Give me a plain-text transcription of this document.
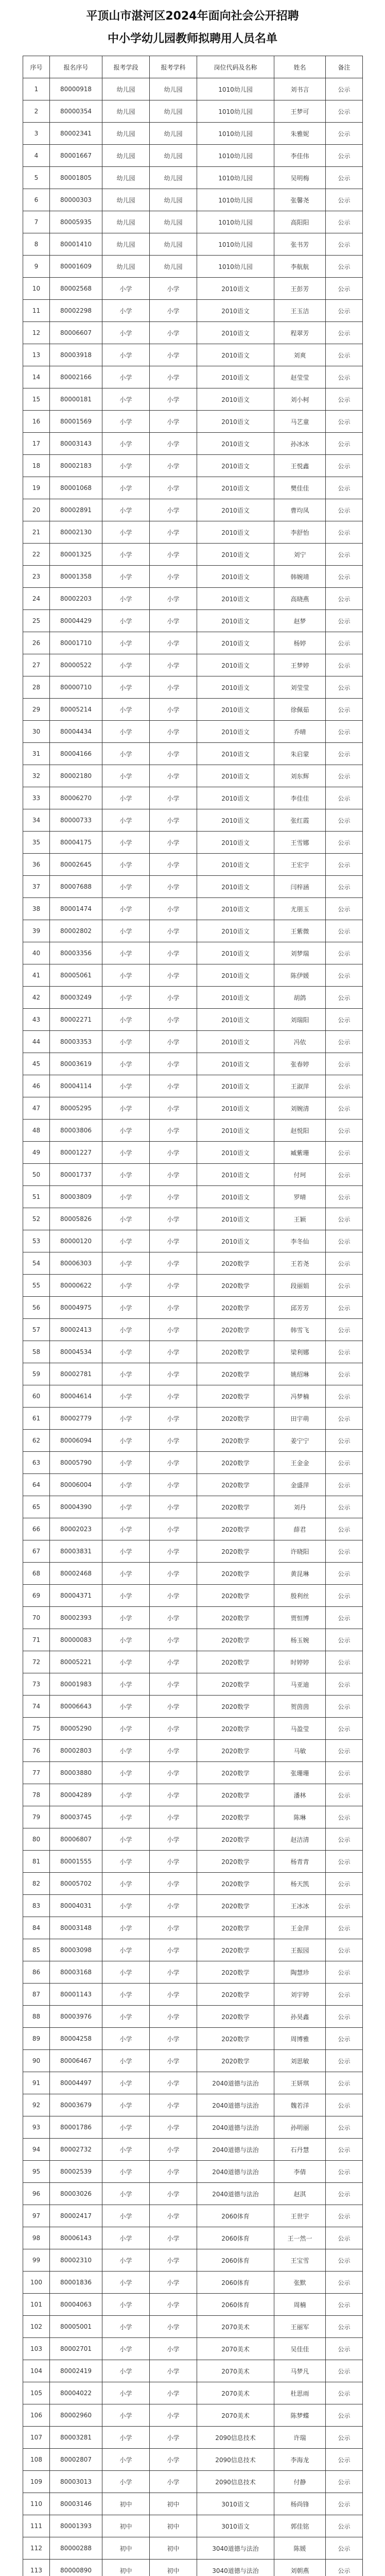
平顶山市湛河区2024年面向社会公开招聘
中小学幼儿园教师拟聘用人员名单
序号	报名序号	报考学段	报考学科	岗位代码及名称	姓名	备注
1	80000918	幼儿园	幼儿园	1010幼儿园	刘书言	公示
2	80000354	幼儿园	幼儿园	1010幼儿园	王梦可	公示
3	80002341	幼儿园	幼儿园	1010幼儿园	朱雅妮	公示
4	80001667	幼儿园	幼儿园	1010幼儿园	李佳伟	公示
5	80001805	幼儿园	幼儿园	1010幼儿园	吴明梅	公示
6	80000303	幼儿园	幼儿园	1010幼儿园	张馨尧	公示
7	80005935	幼儿园	幼儿园	1010幼儿园	高阳阳	公示
8	80001410	幼儿园	幼儿园	1010幼儿园	张书芳	公示
9	80001609	幼儿园	幼儿园	1010幼儿园	李航航	公示
10	80002568	小学	小学	2010语文	王彭芳	公示
11	80002298	小学	小学	2010语文	王玉洁	公示
12	80006607	小学	小学	2010语文	程翠芳	公示
13	80003918	小学	小学	2010语文	刘爽	公示
14	80002166	小学	小学	2010语文	赵莹莹	公示
15	80000181	小学	小学	2010语文	刘小柯	公示
16	80001569	小学	小学	2010语文	马艺童	公示
17	80003143	小学	小学	2010语文	孙冰冰	公示
18	80002183	小学	小学	2010语文	王悦鑫	公示
19	80001068	小学	小学	2010语文	樊佳佳	公示
20	80002891	小学	小学	2010语文	曹均凤	公示
21	80002130	小学	小学	2010语文	李舒怡	公示
22	80001325	小学	小学	2010语文	刘宁	公示
23	80001358	小学	小学	2010语文	韩婉靖	公示
24	80002203	小学	小学	2010语文	高晓燕	公示
25	80004429	小学	小学	2010语文	赵梦	公示
26	80001710	小学	小学	2010语文	杨婷	公示
27	80000522	小学	小学	2010语文	王梦婷	公示
28	80000710	小学	小学	2010语文	刘莹莹	公示
29	80005214	小学	小学	2010语文	徐佩茹	公示
30	80004434	小学	小学	2010语文	乔晴	公示
31	80004166	小学	小学	2010语文	朱启蒙	公示
32	80002180	小学	小学	2010语文	刘东辉	公示
33	80006270	小学	小学	2010语文	李佳佳	公示
34	80000733	小学	小学	2010语文	张红霞	公示
35	80004175	小学	小学	2010语文	王雪娜	公示
36	80002645	小学	小学	2010语文	王宏宇	公示
37	80007688	小学	小学	2010语文	闫梓涵	公示
38	80001474	小学	小学	2010语文	尤朋玉	公示
39	80002802	小学	小学	2010语文	王紫微	公示
40	80003356	小学	小学	2010语文	刘梦瑞	公示
41	80005061	小学	小学	2010语文	陈伊媛	公示
42	80003249	小学	小学	2010语文	胡鸽	公示
43	80002271	小学	小学	2010语文	刘瑞阳	公示
44	80003353	小学	小学	2010语文	冯依	公示
45	80003619	小学	小学	2010语文	张春婷	公示
46	80004114	小学	小学	2010语文	王淑萍	公示
47	80005295	小学	小学	2010语文	刘婉清	公示
48	80003806	小学	小学	2010语文	赵悦阳	公示
49	80001227	小学	小学	2010语文	臧紫珊	公示
50	80001737	小学	小学	2010语文	付珂	公示
51	80003809	小学	小学	2010语文	罗晴	公示
52	80005826	小学	小学	2010语文	王颖	公示
53	80000120	小学	小学	2010语文	李冬仙	公示
54	80006303	小学	小学	2020数学	王若尧	公示
55	80000622	小学	小学	2020数学	段丽娟	公示
56	80004975	小学	小学	2020数学	邱芳芳	公示
57	80002413	小学	小学	2020数学	韩雪飞	公示
58	80004534	小学	小学	2020数学	梁利娜	公示
59	80002781	小学	小学	2020数学	姚绍琳	公示
60	80004614	小学	小学	2020数学	冯梦楠	公示
61	80002779	小学	小学	2020数学	田宇萌	公示
62	80006094	小学	小学	2020数学	姜宁宁	公示
63	80005790	小学	小学	2020数学	王金金	公示
64	80006004	小学	小学	2020数学	金盛萍	公示
65	80004390	小学	小学	2020数学	刘丹	公示
66	80002023	小学	小学	2020数学	薛君	公示
67	80003831	小学	小学	2020数学	许晓阳	公示
68	80002468	小学	小学	2020数学	黄昆琳	公示
69	80004371	小学	小学	2020数学	殷利丝	公示
70	80002393	小学	小学	2020数学	贾恒博	公示
71	80000083	小学	小学	2020数学	杨玉婉	公示
72	80005221	小学	小学	2020数学	时婷婷	公示
73	80001983	小学	小学	2020数学	马亚迪	公示
74	80006643	小学	小学	2020数学	贺茵茵	公示
75	80005290	小学	小学	2020数学	马盈莹	公示
76	80002803	小学	小学	2020数学	马敏	公示
77	80003880	小学	小学	2020数学	张珊珊	公示
78	80004289	小学	小学	2020数学	潘林	公示
79	80003745	小学	小学	2020数学	陈琳	公示
80	80006807	小学	小学	2020数学	赵洁清	公示
81	80001555	小学	小学	2020数学	杨青青	公示
82	80005702	小学	小学	2020数学	杨天凯	公示
83	80004031	小学	小学	2020数学	王冰冰	公示
84	80003148	小学	小学	2020数学	王金萍	公示
85	80003098	小学	小学	2020数学	王振园	公示
86	80003168	小学	小学	2020数学	陶慧珍	公示
87	80001143	小学	小学	2020数学	刘宇婷	公示
88	80003976	小学	小学	2020数学	孙昊鑫	公示
89	80004258	小学	小学	2020数学	周博雅	公示
90	80006467	小学	小学	2020数学	刘思敏	公示
91	80004497	小学	小学	2040道德与法治	王妍琪	公示
92	80003679	小学	小学	2040道德与法治	魏若洋	公示
93	80001786	小学	小学	2040道德与法治	孙明丽	公示
94	80002732	小学	小学	2040道德与法治	石丹慧	公示
95	80002539	小学	小学	2040道德与法治	李倩	公示
96	80003026	小学	小学	2040道德与法治	赵淇	公示
97	80002417	小学	小学	2060体育	王世宇	公示
98	80006143	小学	小学	2060体育	王一然一	公示
99	80002310	小学	小学	2060体育	王宝雪	公示
100	80001836	小学	小学	2060体育	张默	公示
101	80004063	小学	小学	2060体育	周楠	公示
102	80005001	小学	小学	2070美术	王丽军	公示
103	80002701	小学	小学	2070美术	吴佳佳	公示
104	80002419	小学	小学	2070美术	马梦凡	公示
105	80004022	小学	小学	2070美术	杜思雨	公示
106	80002960	小学	小学	2070美术	陈梦蝶	公示
107	80003281	小学	小学	2090信息技术	许瑞	公示
108	80002807	小学	小学	2090信息技术	李海龙	公示
109	80003013	小学	小学	2090信息技术	付静	公示
110	80003146	初中	初中	3010语文	杨尚锋	公示
111	80001393	初中	初中	3010语文	郭佳铭	公示
112	80000288	初中	初中	3040道德与法治	陈媛	公示
113	80000890	初中	初中	3040道德与法治	刘朝燕	公示
